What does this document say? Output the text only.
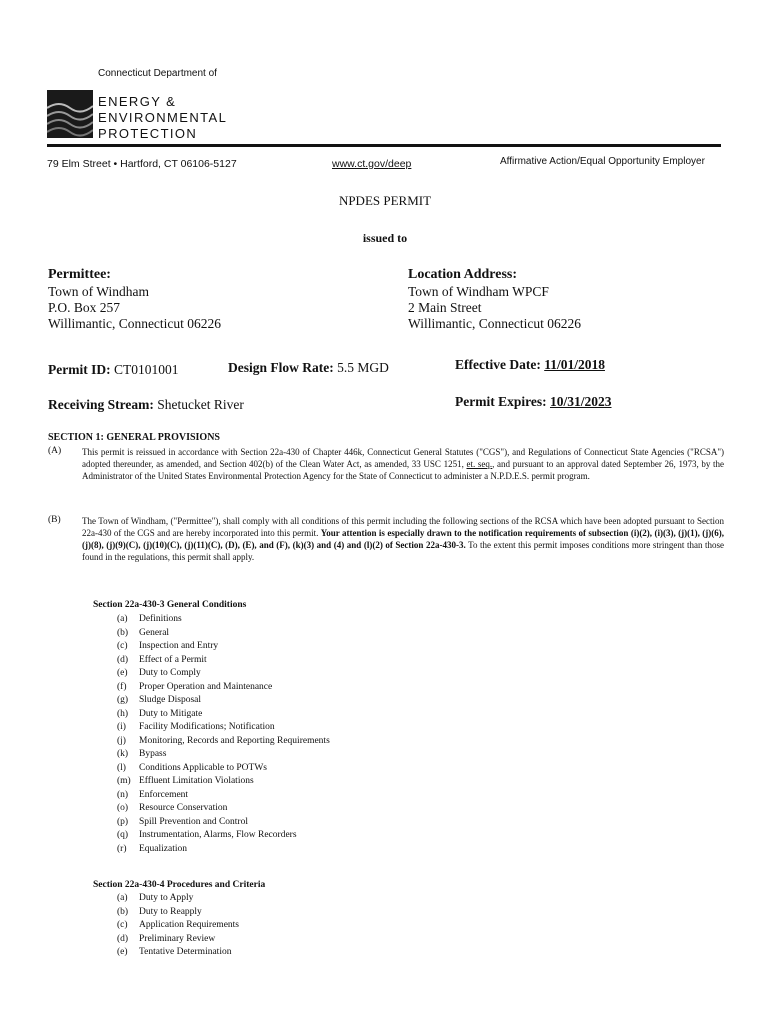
Connecticut Department of
ENERGY &
ENVIRONMENTAL
PROTECTION
79 Elm Street • Hartford, CT 06106-5127	www.ct.gov/deep	Affirmative Action/Equal Opportunity Employer
NPDES PERMIT
issued to
Permittee:
Town of Windham
P.O. Box 257
Willimantic, Connecticut 06226
Location Address:
Town of Windham WPCF
2 Main Street
Willimantic, Connecticut 06226
Permit ID: CT0101001	Design Flow Rate: 5.5 MGD	Effective Date: 11/01/2018
Receiving Stream: Shetucket River	Permit Expires: 10/31/2023
SECTION 1: GENERAL PROVISIONS
(A) This permit is reissued in accordance with Section 22a-430 of Chapter 446k, Connecticut General Statutes ("CGS"), and Regulations of Connecticut State Agencies ("RCSA") adopted thereunder, as amended, and Section 402(b) of the Clean Water Act, as amended, 33 USC 1251, et. seq., and pursuant to an approval dated September 26, 1973, by the Administrator of the United States Environmental Protection Agency for the State of Connecticut to administer a N.P.D.E.S. permit program.
(B) The Town of Windham, ("Permittee"), shall comply with all conditions of this permit including the following sections of the RCSA which have been adopted pursuant to Section 22a-430 of the CGS and are hereby incorporated into this permit. Your attention is especially drawn to the notification requirements of subsection (i)(2), (i)(3), (j)(1), (j)(6), (j)(8), (j)(9)(C), (j)(10)(C), (j)(11)(C), (D), (E), and (F), (k)(3) and (4) and (l)(2) of Section 22a-430-3. To the extent this permit imposes conditions more stringent than those found in the regulations, this permit shall apply.
Section 22a-430-3 General Conditions
(a) Definitions
(b) General
(c) Inspection and Entry
(d) Effect of a Permit
(e) Duty to Comply
(f) Proper Operation and Maintenance
(g) Sludge Disposal
(h) Duty to Mitigate
(i) Facility Modifications; Notification
(j) Monitoring, Records and Reporting Requirements
(k) Bypass
(l) Conditions Applicable to POTWs
(m) Effluent Limitation Violations
(n) Enforcement
(o) Resource Conservation
(p) Spill Prevention and Control
(q) Instrumentation, Alarms, Flow Recorders
(r) Equalization
Section 22a-430-4 Procedures and Criteria
(a) Duty to Apply
(b) Duty to Reapply
(c) Application Requirements
(d) Preliminary Review
(e) Tentative Determination
